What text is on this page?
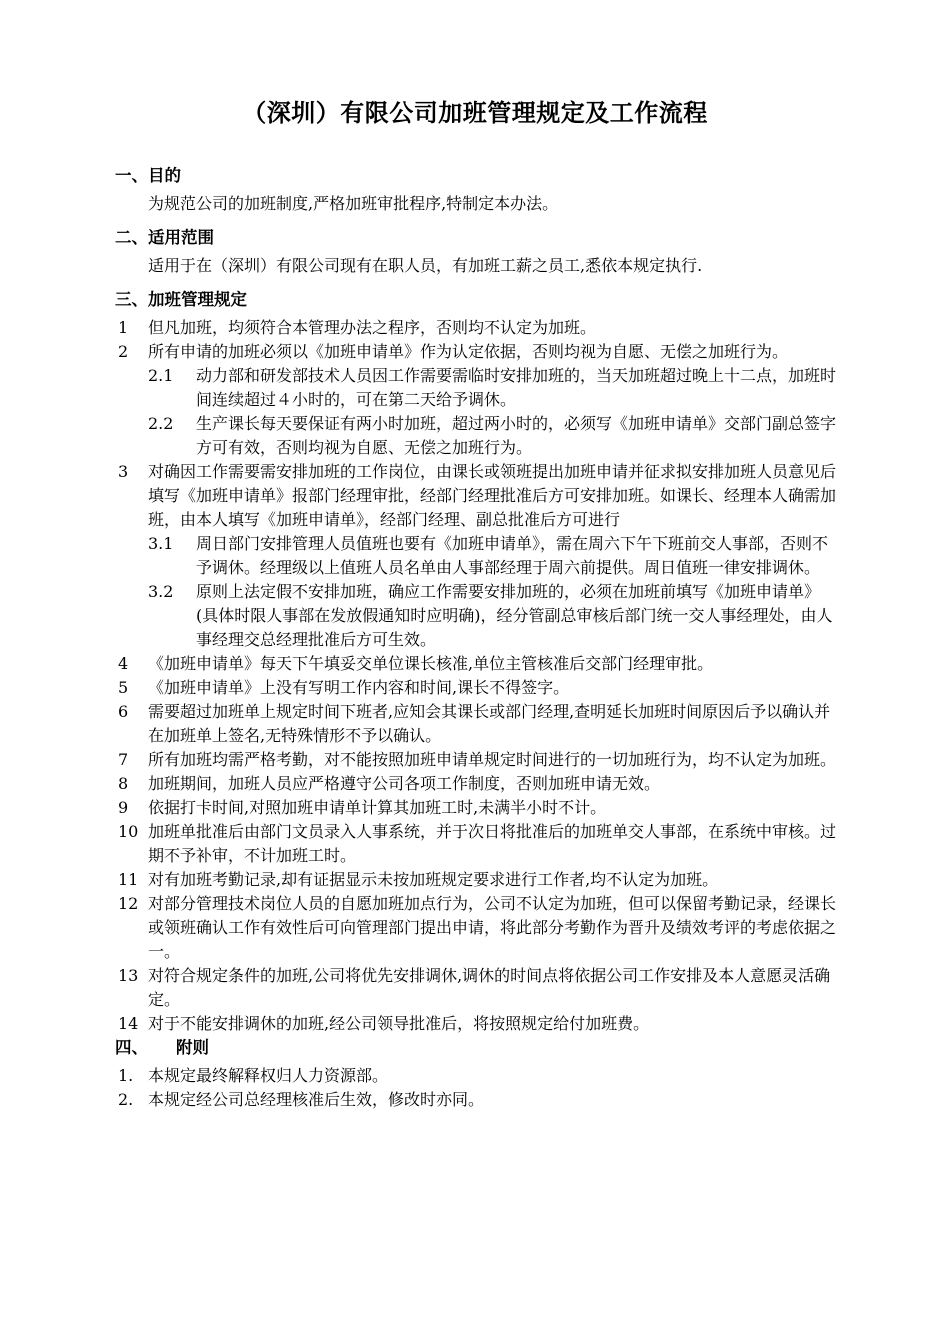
（深圳）有限公司加班管理规定及工作流程
一、目的
为规范公司的加班制度,严格加班审批程序,特制定本办法。
二、适用范围
适用于在（深圳）有限公司现有在职人员，有加班工薪之员工,悉依本规定执行.
三、加班管理规定
1	但凡加班，均须符合本管理办法之程序，否则均不认定为加班。
2	所有申请的加班必须以《加班申请单》作为认定依据，否则均视为自愿、无偿之加班行为。
2.1	动力部和研发部技术人员因工作需要需临时安排加班的，当天加班超过晚上十二点，加班时间连续超过４小时的，可在第二天给予调休。
2.2	生产课长每天要保证有两小时加班，超过两小时的，必须写《加班申请单》交部门副总签字方可有效，否则均视为自愿、无偿之加班行为。
3	对确因工作需要需安排加班的工作岗位，由课长或领班提出加班申请并征求拟安排加班人员意见后填写《加班申请单》报部门经理审批，经部门经理批准后方可安排加班。如课长、经理本人确需加班，由本人填写《加班申请单》，经部门经理、副总批准后方可进行
3.1	周日部门安排管理人员值班也要有《加班申请单》，需在周六下午下班前交人事部，否则不予调休。经理级以上值班人员名单由人事部经理于周六前提供。周日值班一律安排调休。
3.2	原则上法定假不安排加班，确应工作需要安排加班的，必须在加班前填写《加班申请单》(具体时限人事部在发放假通知时应明确)，经分管副总审核后部门统一交人事经理处，由人事经理交总经理批准后方可生效。
4	《加班申请单》每天下午填妥交单位课长核准,单位主管核准后交部门经理审批。
5	《加班申请单》上没有写明工作内容和时间,课长不得签字。
6	需要超过加班单上规定时间下班者,应知会其课长或部门经理,查明延长加班时间原因后予以确认并在加班单上签名,无特殊情形不予以确认。
7	所有加班均需严格考勤，对不能按照加班申请单规定时间进行的一切加班行为，均不认定为加班。
8	加班期间，加班人员应严格遵守公司各项工作制度，否则加班申请无效。
9	依据打卡时间,对照加班申请单计算其加班工时,未满半小时不计。
10 加班单批准后由部门文员录入人事系统，并于次日将批准后的加班单交人事部，在系统中审核。过期不予补审，不计加班工时。
11 对有加班考勤记录,却有证据显示未按加班规定要求进行工作者,均不认定为加班。
12 对部分管理技术岗位人员的自愿加班加点行为，公司不认定为加班，但可以保留考勤记录，经课长或领班确认工作有效性后可向管理部门提出申请，将此部分考勤作为晋升及绩效考评的考虑依据之一。
13 对符合规定条件的加班,公司将优先安排调休,调休的时间点将依据公司工作安排及本人意愿灵活确定。
14 对于不能安排调休的加班,经公司领导批准后，将按照规定给付加班费。
四、 附则
1. 本规定最终解释权归人力资源部。
2. 本规定经公司总经理核准后生效，修改时亦同。
